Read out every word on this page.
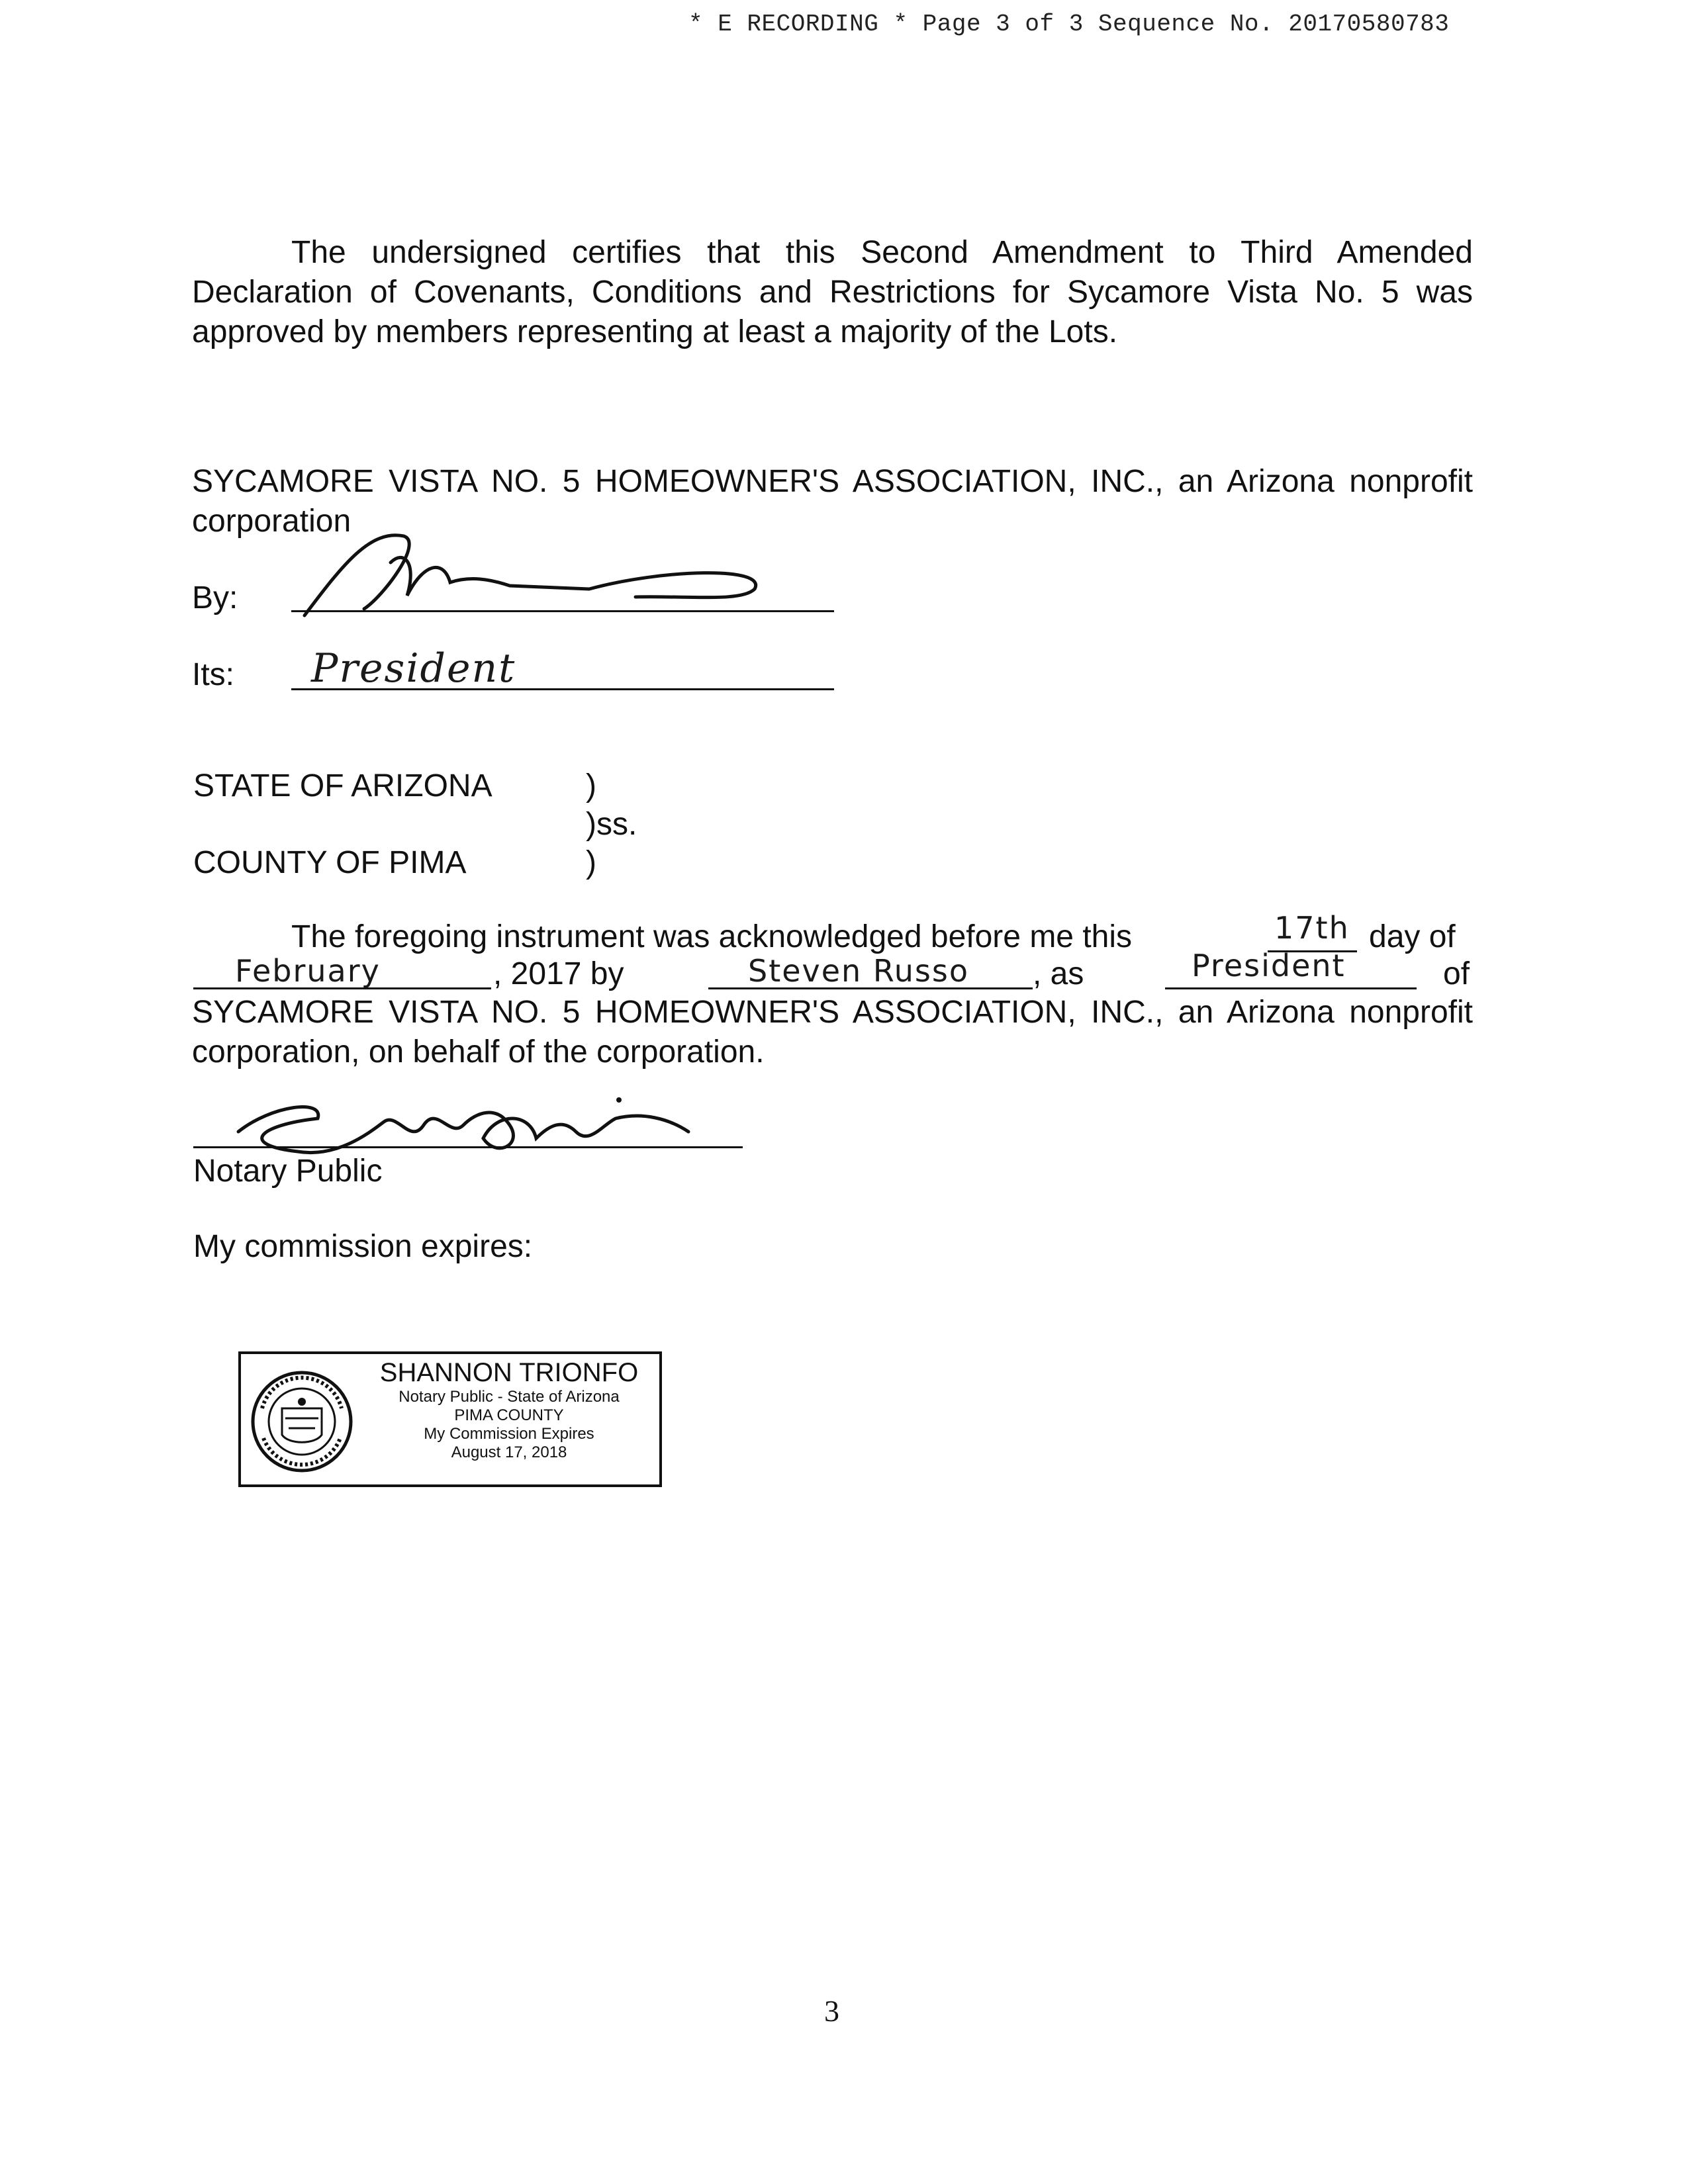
* E RECORDING * Page 3 of 3 Sequence No. 20170580783
The undersigned certifies that this Second Amendment to Third Amended Declaration of Covenants, Conditions and Restrictions for Sycamore Vista No. 5 was approved by members representing at least a majority of the Lots.
SYCAMORE VISTA NO. 5 HOMEOWNER'S ASSOCIATION, INC., an Arizona nonprofit corporation
By:
Its: President
STATE OF ARIZONA	)
)ss.
COUNTY OF PIMA	)
The foregoing instrument was acknowledged before me this	17th day of
February	, 2017 by	Steven Russo , as	President	of
SYCAMORE VISTA NO. 5 HOMEOWNER'S ASSOCIATION, INC., an Arizona nonprofit corporation, on behalf of the corporation.
Notary Public
My commission expires:
SHANNON TRIONFO
Notary Public - State of Arizona
PIMA COUNTY
My Commission Expires
August 17, 2018
3
